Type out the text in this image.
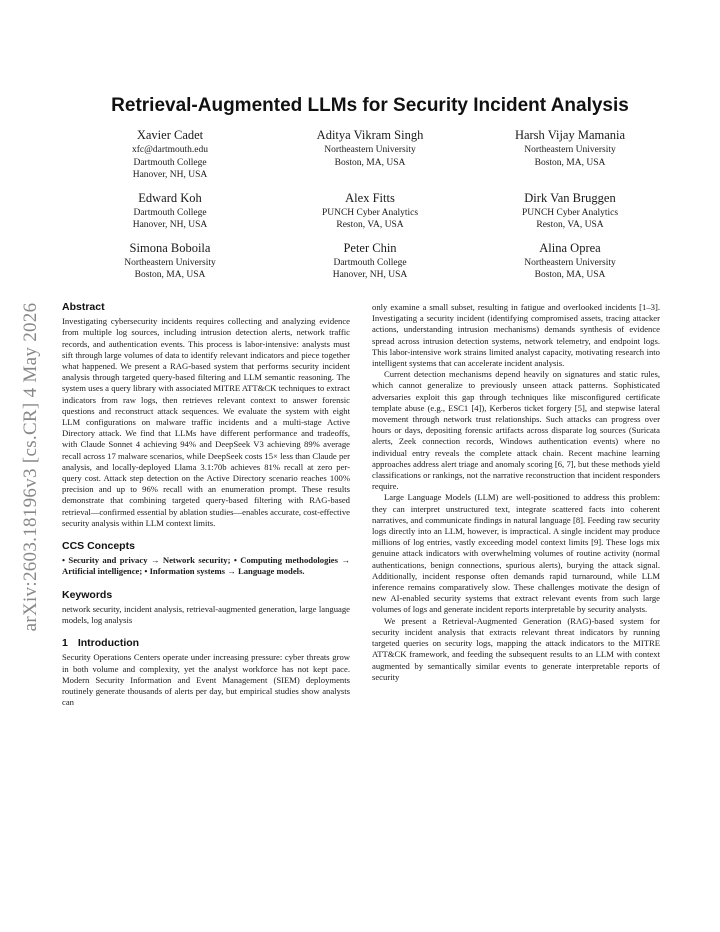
arXiv:2603.18196v3 [cs.CR] 4 May 2026
Retrieval-Augmented LLMs for Security Incident Analysis
Xavier Cadet
xfc@dartmouth.edu
Dartmouth College
Hanover, NH, USA
Aditya Vikram Singh
Northeastern University
Boston, MA, USA
Harsh Vijay Mamania
Northeastern University
Boston, MA, USA
Edward Koh
Dartmouth College
Hanover, NH, USA
Alex Fitts
PUNCH Cyber Analytics
Reston, VA, USA
Dirk Van Bruggen
PUNCH Cyber Analytics
Reston, VA, USA
Simona Boboila
Northeastern University
Boston, MA, USA
Peter Chin
Dartmouth College
Hanover, NH, USA
Alina Oprea
Northeastern University
Boston, MA, USA
Abstract

Investigating cybersecurity incidents requires collecting and analyzing evidence from multiple log sources, including intrusion detection alerts, network traffic records, and authentication events. This process is labor-intensive: analysts must sift through large volumes of data to identify relevant indicators and piece together what happened. We present a RAG-based system that performs security incident analysis through targeted query-based filtering and LLM semantic reasoning. The system uses a query library with associated MITRE ATT&CK techniques to extract indicators from raw logs, then retrieves relevant context to answer forensic questions and reconstruct attack sequences. We evaluate the system with eight LLM configurations on malware traffic incidents and a multi-stage Active Directory attack. We find that LLMs have different performance and tradeoffs, with Claude Sonnet 4 achieving 94% and DeepSeek V3 achieving 89% average recall across 17 malware scenarios, while DeepSeek costs 15× less than Claude per analysis, and locally-deployed Llama 3.1:70b achieves 81% recall at zero per-query cost. Attack step detection on the Active Directory scenario reaches 100% precision and up to 96% recall with an enumeration prompt. These results demonstrate that combining targeted query-based filtering with RAG-based retrieval—confirmed essential by ablation studies—enables accurate, cost-effective security analysis within LLM context limits.

CCS Concepts

• Security and privacy → Network security; • Computing methodologies → Artificial intelligence; • Information systems → Language models.

Keywords

network security, incident analysis, retrieval-augmented generation, large language models, log analysis

1 Introduction

Security Operations Centers operate under increasing pressure: cyber threats grow in both volume and complexity, yet the analyst workforce has not kept pace. Modern Security Information and Event Management (SIEM) deployments routinely generate thousands of alerts per day, but empirical studies show analysts can

only examine a small subset, resulting in fatigue and overlooked incidents [1–3]. Investigating a security incident (identifying compromised assets, tracing attacker actions, understanding intrusion mechanisms) demands synthesis of evidence spread across intrusion detection systems, network telemetry, and endpoint logs. This labor-intensive work strains limited analyst capacity, motivating research into intelligent systems that can accelerate incident analysis.

Current detection mechanisms depend heavily on signatures and static rules, which cannot generalize to previously unseen attack patterns. Sophisticated adversaries exploit this gap through techniques like misconfigured certificate template abuse (e.g., ESC1 [4]), Kerberos ticket forgery [5], and stepwise lateral movement through network trust relationships. Such attacks can progress over hours or days, depositing forensic artifacts across disparate log sources (Suricata alerts, Zeek connection records, Windows authentication events) where no individual entry reveals the complete attack chain. Recent machine learning approaches address alert triage and anomaly scoring [6, 7], but these methods yield classifications or rankings, not the narrative reconstruction that incident responders require.

Large Language Models (LLM) are well-positioned to address this problem: they can interpret unstructured text, integrate scattered facts into coherent narratives, and communicate findings in natural language [8]. Feeding raw security logs directly into an LLM, however, is impractical. A single incident may produce millions of log entries, vastly exceeding model context limits [9]. These logs mix genuine attack indicators with overwhelming volumes of routine activity (normal authentications, benign connections, spurious alerts), burying the attack signal. Additionally, incident response often demands rapid turnaround, while LLM inference remains comparatively slow. These challenges motivate the design of new AI-enabled security systems that extract relevant events from such large volumes of logs and generate incident reports interpretable by security analysts.

We present a Retrieval-Augmented Generation (RAG)-based system for security incident analysis that extracts relevant threat indicators by running targeted queries on security logs, mapping the attack indicators to the MITRE ATT&CK framework, and feeding the subsequent results to an LLM with context augmented by semantically similar events to generate interpretable reports of security
